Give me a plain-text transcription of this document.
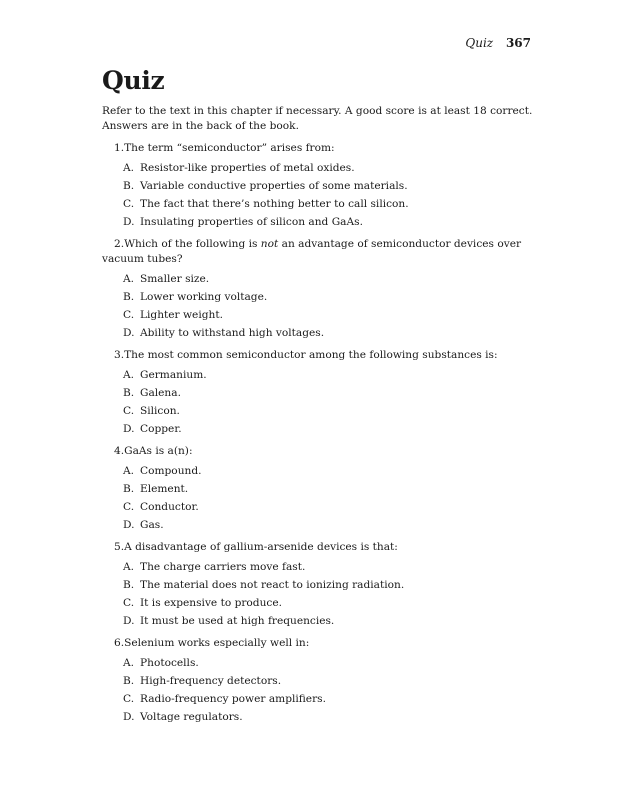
Quiz 367
Quiz

Refer to the text in this chapter if necessary. A good score is at least 18 correct. Answers are in the back of the book.

1.The term “semiconductor” arises from:
A. Resistor-like properties of metal oxides.
B. Variable conductive properties of some materials.
C. The fact that there’s nothing better to call silicon.
D. Insulating properties of silicon and GaAs.
2.Which of the following is not an advantage of semiconductor devices over vacuum tubes?
A. Smaller size.
B. Lower working voltage.
C. Lighter weight.
D. Ability to withstand high voltages.
3.The most common semiconductor among the following substances is:
A. Germanium.
B. Galena.
C. Silicon.
D. Copper.
4.GaAs is a(n):
A. Compound.
B. Element.
C. Conductor.
D. Gas.
5.A disadvantage of gallium-arsenide devices is that:
A. The charge carriers move fast.
B. The material does not react to ionizing radiation.
C. It is expensive to produce.
D. It must be used at high frequencies.
6.Selenium works especially well in:
A. Photocells.
B. High-frequency detectors.
C. Radio-frequency power amplifiers.
D. Voltage regulators.
